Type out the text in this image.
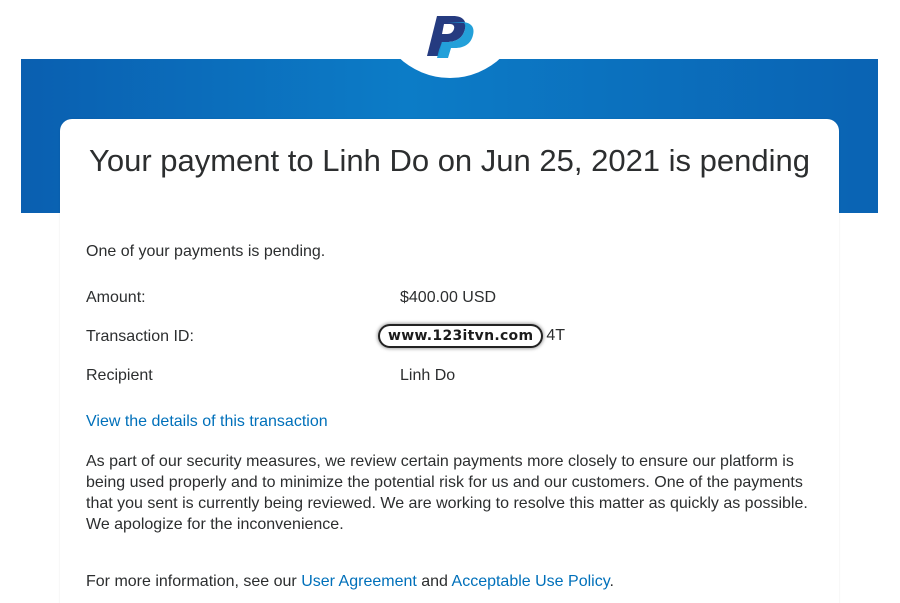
Your payment to Linh Do on Jun 25, 2021 is pending

One of your payments is pending.

Amount:	$400.00 USD
Transaction ID:	www.123itvn.com 4T
Recipient	Linh Do
View the details of this transaction

As part of our security measures, we review certain payments more closely to ensure our platform is being used properly and to minimize the potential risk for us and our customers. One of the payments that you sent is currently being reviewed. We are working to resolve this matter as quickly as possible. We apologize for the inconvenience.

For more information, see our User Agreement and Acceptable Use Policy.
